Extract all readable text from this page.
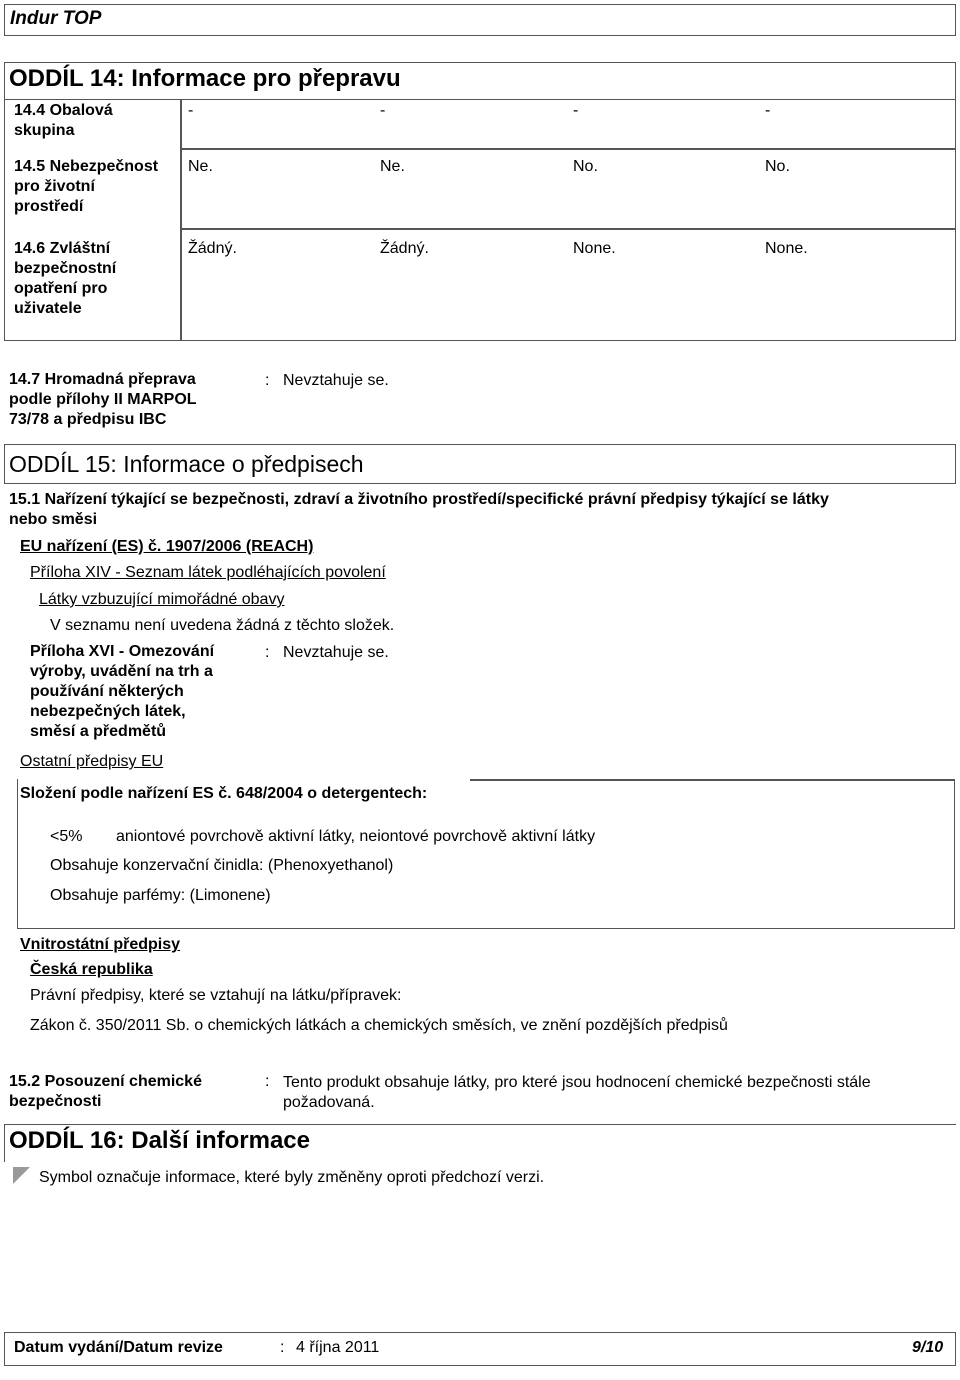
Indur TOP
ODDÍL 14: Informace pro přepravu
14.4 Obalová
skupina
-	-	-	-
14.5 Nebezpečnost
pro životní
prostředí
Ne.	Ne.	No.	No.
14.6 Zvláštní
bezpečnostní
opatření pro
uživatele
Žádný.	Žádný.	None.	None.
14.7 Hromadná přeprava
podle přílohy II MARPOL
73/78 a předpisu IBC
: Nevztahuje se.
ODDÍL 15: Informace o předpisech
15.1 Nařízení týkající se bezpečnosti, zdraví a životního prostředí/specifické právní předpisy týkající se látky
nebo směsi
EU nařízení (ES) č. 1907/2006 (REACH)
Příloha XIV - Seznam látek podléhajících povolení
Látky vzbuzující mimořádné obavy
V seznamu není uvedena žádná z těchto složek.
Příloha XVI - Omezování
výroby, uvádění na trh a
používání některých
nebezpečných látek,
směsí a předmětů
: Nevztahuje se.
Ostatní předpisy EU
Složení podle nařízení ES č. 648/2004 o detergentech:
<5% aniontové povrchově aktivní látky, neiontové povrchově aktivní látky
Obsahuje konzervační činidla: (Phenoxyethanol)
Obsahuje parfémy: (Limonene)
Vnitrostátní předpisy
Česká republika
Právní předpisy, které se vztahují na látku/přípravek:
Zákon č. 350/2011 Sb. o chemických látkách a chemických směsích, ve znění pozdějších předpisů
15.2 Posouzení chemické
bezpečnosti
: Tento produkt obsahuje látky, pro které jsou hodnocení chemické bezpečnosti stále
požadovaná.
ODDÍL 16: Další informace
Symbol označuje informace, které byly změněny oproti předchozí verzi.
Datum vydání/Datum revize	: 4 října 2011	9/10
